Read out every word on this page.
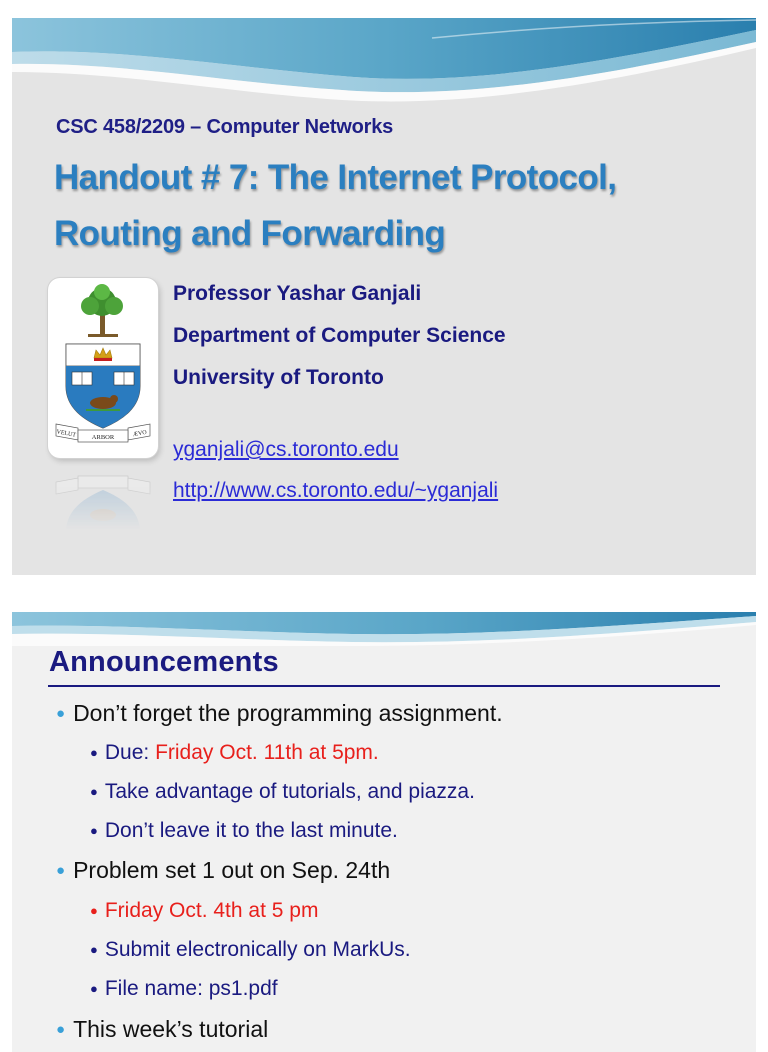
CSC 458/2209 – Computer Networks
Handout # 7: The Internet Protocol,
Routing and Forwarding
VELUT ARBOR	ÆVO

Professor Yashar Ganjali

Department of Computer Science

University of Toronto

yganjali@cs.toronto.edu
http://www.cs.toronto.edu/~yganjali
Announcements
● Don’t forget the programming assignment.
● Due: Friday Oct. 11th at 5pm.
● Take advantage of tutorials, and piazza.
● Don’t leave it to the last minute.
● Problem set 1 out on Sep. 24th
● Friday Oct. 4th at 5 pm
● Submit electronically on MarkUs.
● File name: ps1.pdf
● This week’s tutorial
